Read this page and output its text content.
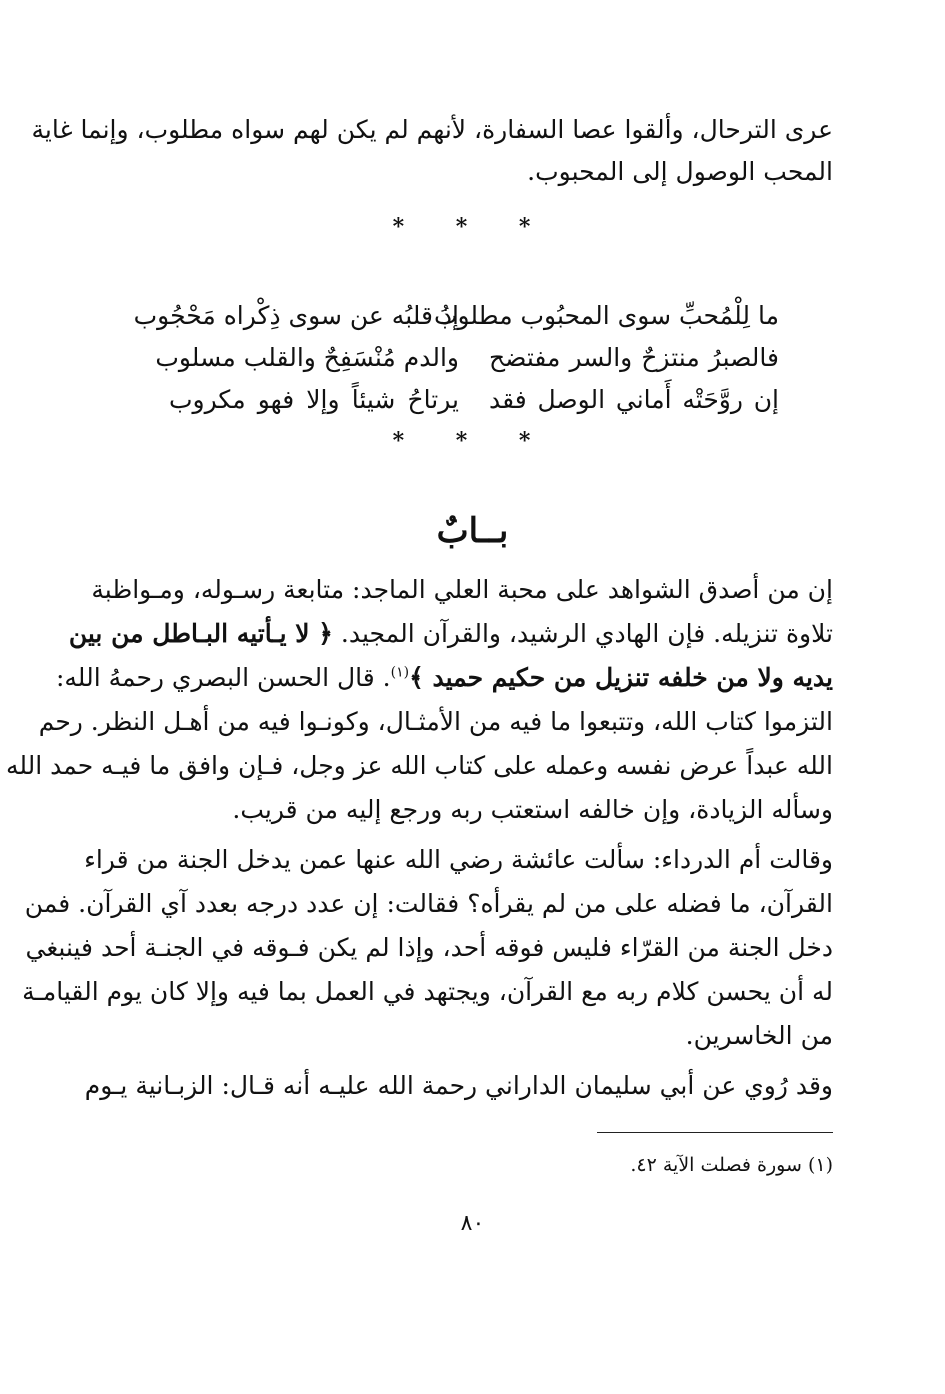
عرى الترحال، وألقوا عصا السفارة، لأنهم لم يكن لهم سواه مطلوب، وإنما غاية
المحب الوصول إلى المحبوب.
* * *
ما لِلْمُحبِّ سوى المحبُوب مطلوبُ
إذ قلبُه عن سوى ذِكْراه مَحْجُوب
فالصبرُ منتزحٌ والسر مفتضح
والدم مُنْسَفِحٌ والقلب مسلوب
إن روَّحَتْه أَماني الوصل فقد
يرتاحُ شيئاً وإلا فهو مكروب
* * *
بــابٌ
إن من أصدق الشواهد على محبة العلي الماجد: متابعة رسـوله، ومـواظبة
تلاوة تنزيله. فإن الهادي الرشيد، والقرآن المجيد. ﴿ لا يـأتيه البـاطل من بين
يديه ولا من خلفه تنزيل من حكيم حميد ﴾$^{(١)}$. قال الحسن البصري رحمهُ الله:
التزموا كتاب الله، وتتبعوا ما فيه من الأمثـال، وكونـوا فيه من أهـل النظر. رحم
الله عبداً عرض نفسه وعمله على كتاب الله عز وجل، فـإن وافق ما فيـه حمد الله
وسأله الزيادة، وإن خالفه استعتب ربه ورجع إليه من قريب.
وقالت أم الدرداء: سألت عائشة رضي الله عنها عمن يدخل الجنة من قراء
القرآن، ما فضله على من لم يقرأه؟ فقالت: إن عدد درجه بعدد آي القرآن. فمن
دخل الجنة من القرّاء فليس فوقه أحد، وإذا لم يكن فـوقه في الجنـة أحد فينبغي
له أن يحسن كلام ربه مع القرآن، ويجتهد في العمل بما فيه وإلا كان يوم القيامـة
من الخاسرين.
وقد رُوي عن أبي سليمان الداراني رحمة الله عليـه أنه قـال: الزبـانية يـوم
(١) سورة فصلت الآية ٤٢.
٨٠
